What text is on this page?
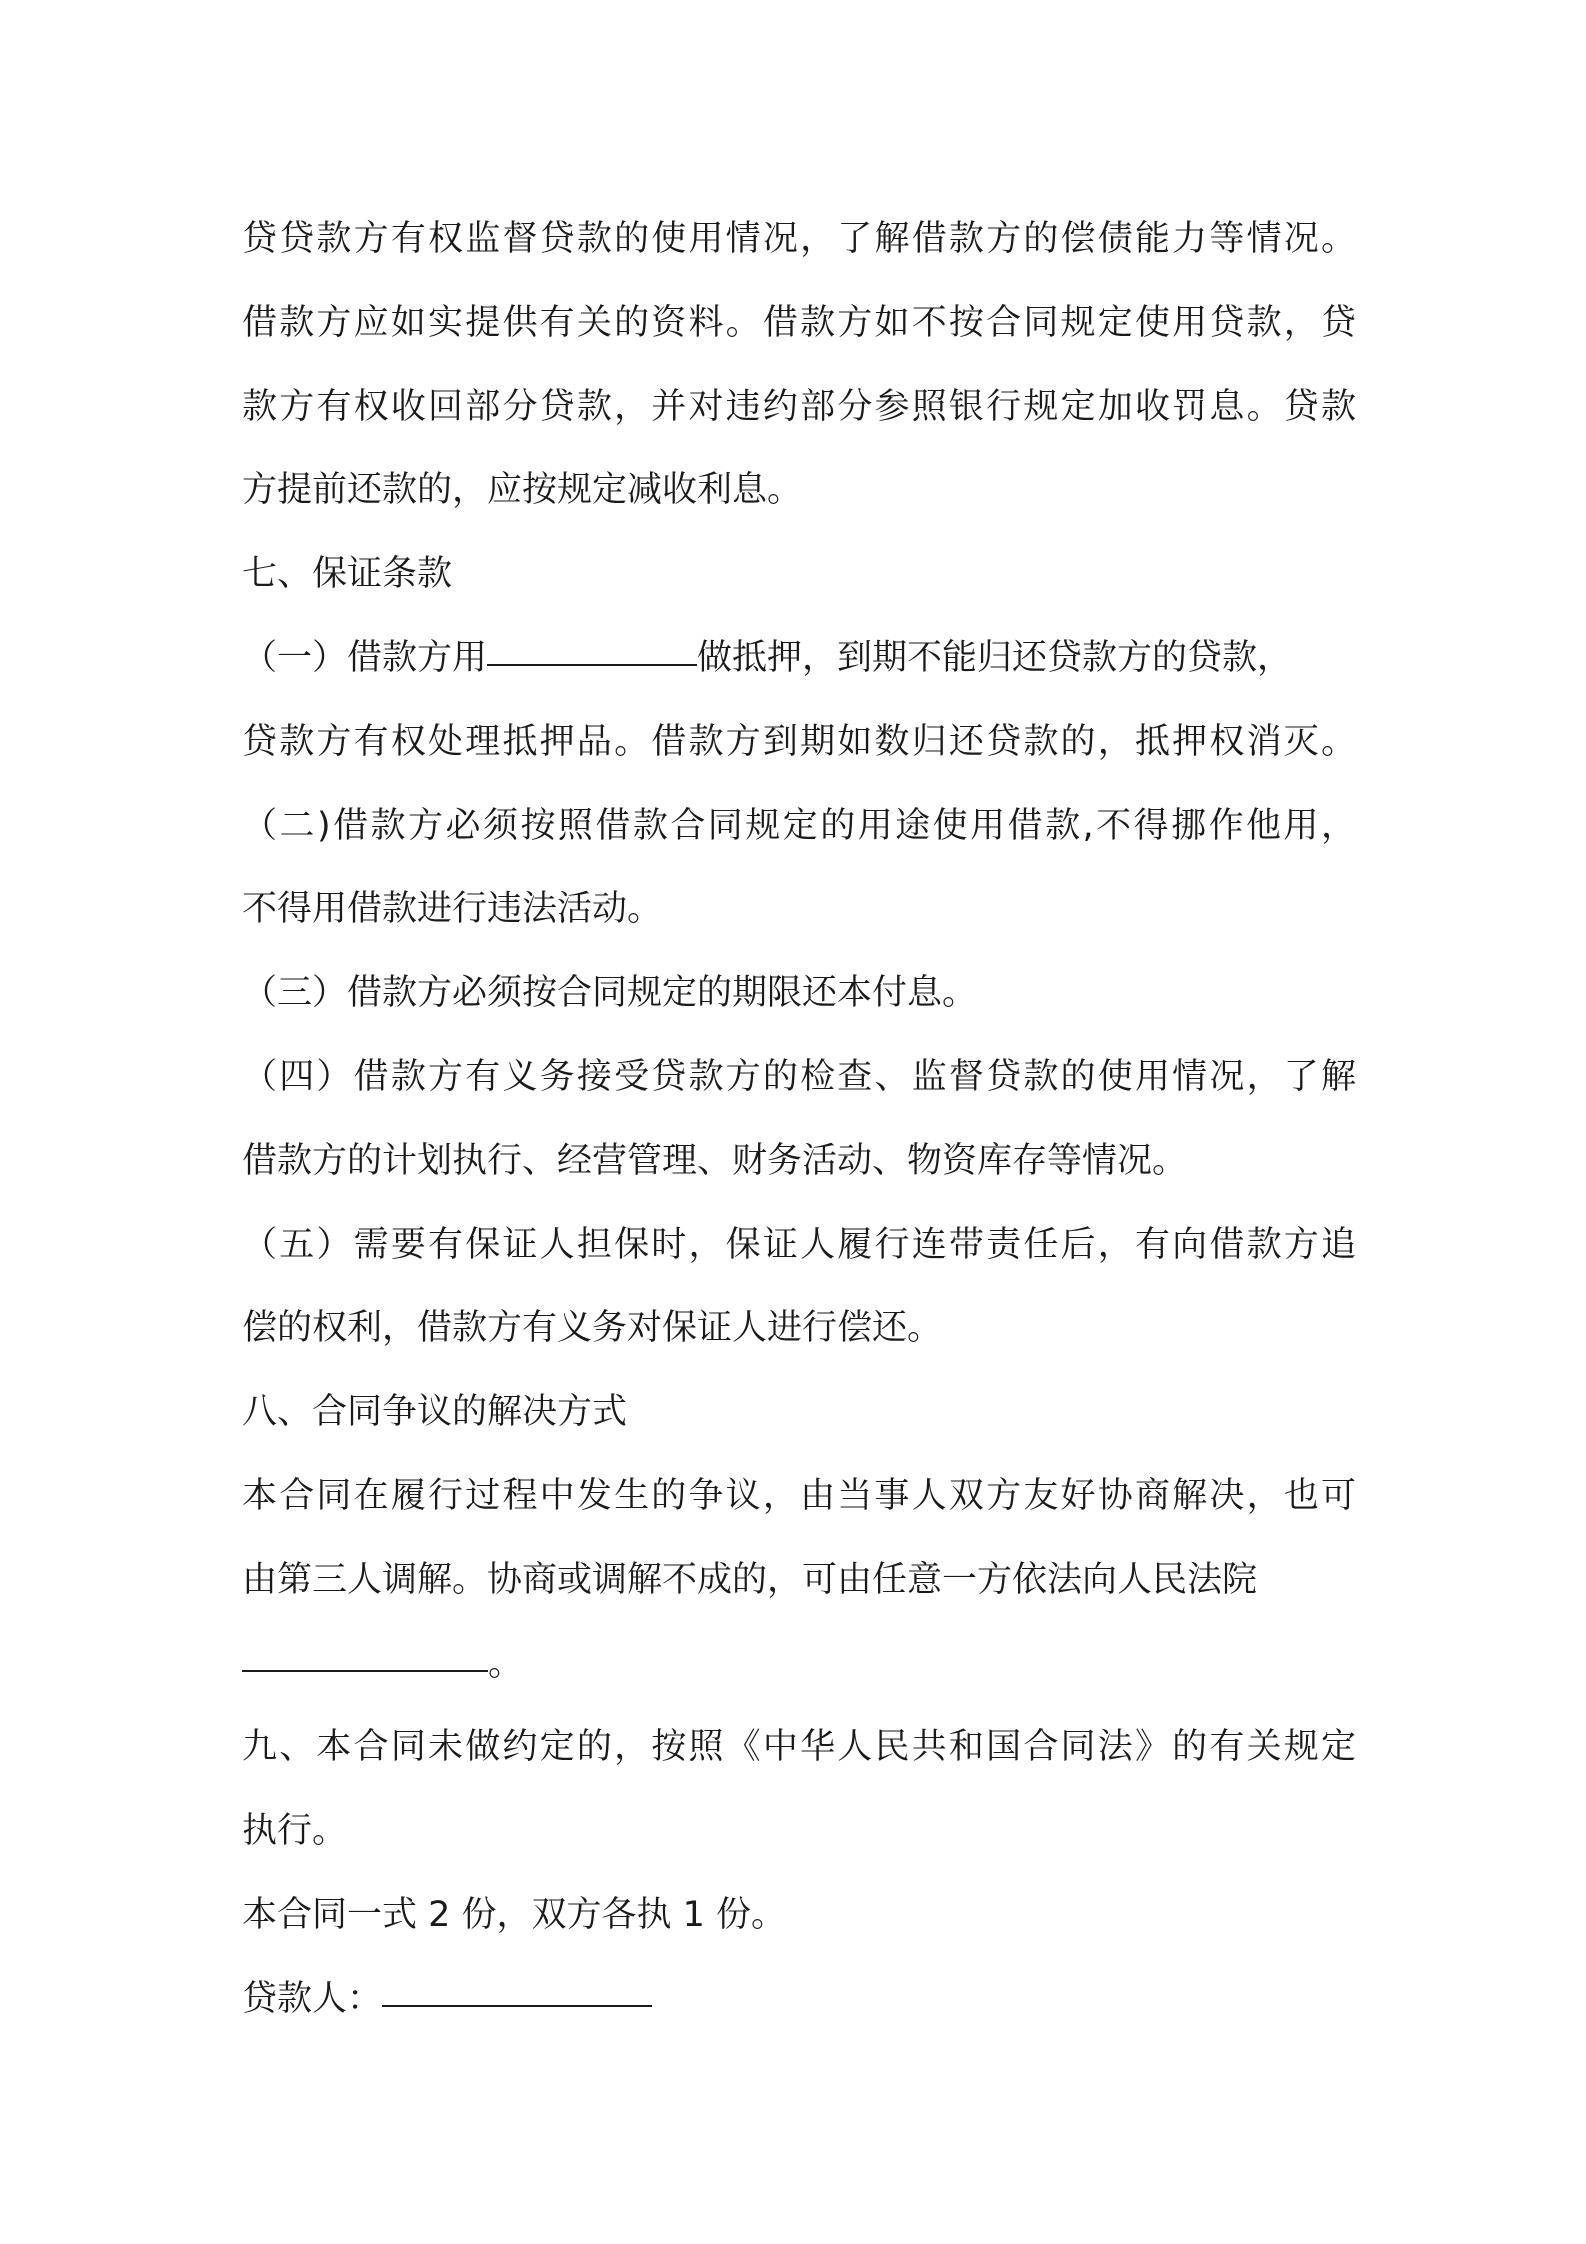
贷贷款方有权监督贷款的使用情况，了解借款方的偿债能力等情况。
借款方应如实提供有关的资料。借款方如不按合同规定使用贷款，贷
款方有权收回部分贷款，并对违约部分参照银行规定加收罚息。贷款
方提前还款的，应按规定减收利息。
七、保证条款
（一）借款方用	做抵押，到期不能归还贷款方的贷款，
贷款方有权处理抵押品。借款方到期如数归还贷款的，抵押权消灭。
（二)借款方必须按照借款合同规定的用途使用借款,不得挪作他用，
不得用借款进行违法活动。
（三）借款方必须按合同规定的期限还本付息。
（四）借款方有义务接受贷款方的检查、监督贷款的使用情况，了解
借款方的计划执行、经营管理、财务活动、物资库存等情况。
（五）需要有保证人担保时，保证人履行连带责任后，有向借款方追
偿的权利，借款方有义务对保证人进行偿还。
八、合同争议的解决方式
本合同在履行过程中发生的争议，由当事人双方友好协商解决，也可
由第三人调解。协商或调解不成的，可由任意一方依法向人民法院
。
九、本合同未做约定的，按照《中华人民共和国合同法》的有关规定
执行。
本合同一式 2 份，双方各执 1 份。
贷款人：
